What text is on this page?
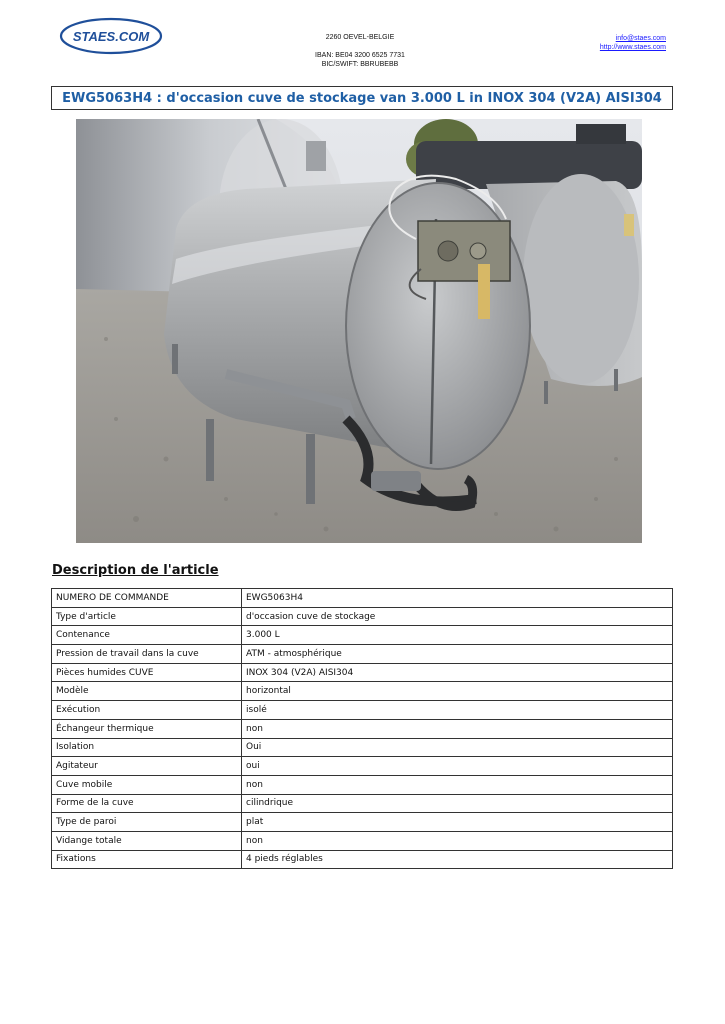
STAES.COM	2260 OEVEL-BELGIE
IBAN: BE04 3200 6525 7731
BIC/SWIFT: BBRUBEBB
info@staes.com
http://www.staes.com
EWG5063H4 : d'occasion cuve de stockage van 3.000 L in INOX 304 (V2A) AISI304
Description de l'article
NUMERO DE COMMANDE	EWG5063H4
Type d'article	d'occasion cuve de stockage
Contenance	3.000 L
Pression de travail dans la cuve	ATM - atmosphérique
Pièces humides CUVE	INOX 304 (V2A) AISI304
Modèle	horizontal
Exécution	isolé
Échangeur thermique	non
Isolation	Oui
Agitateur	oui
Cuve mobile	non
Forme de la cuve	cilindrique
Type de paroi	plat
Vidange totale	non
Fixations	4 pieds réglables
